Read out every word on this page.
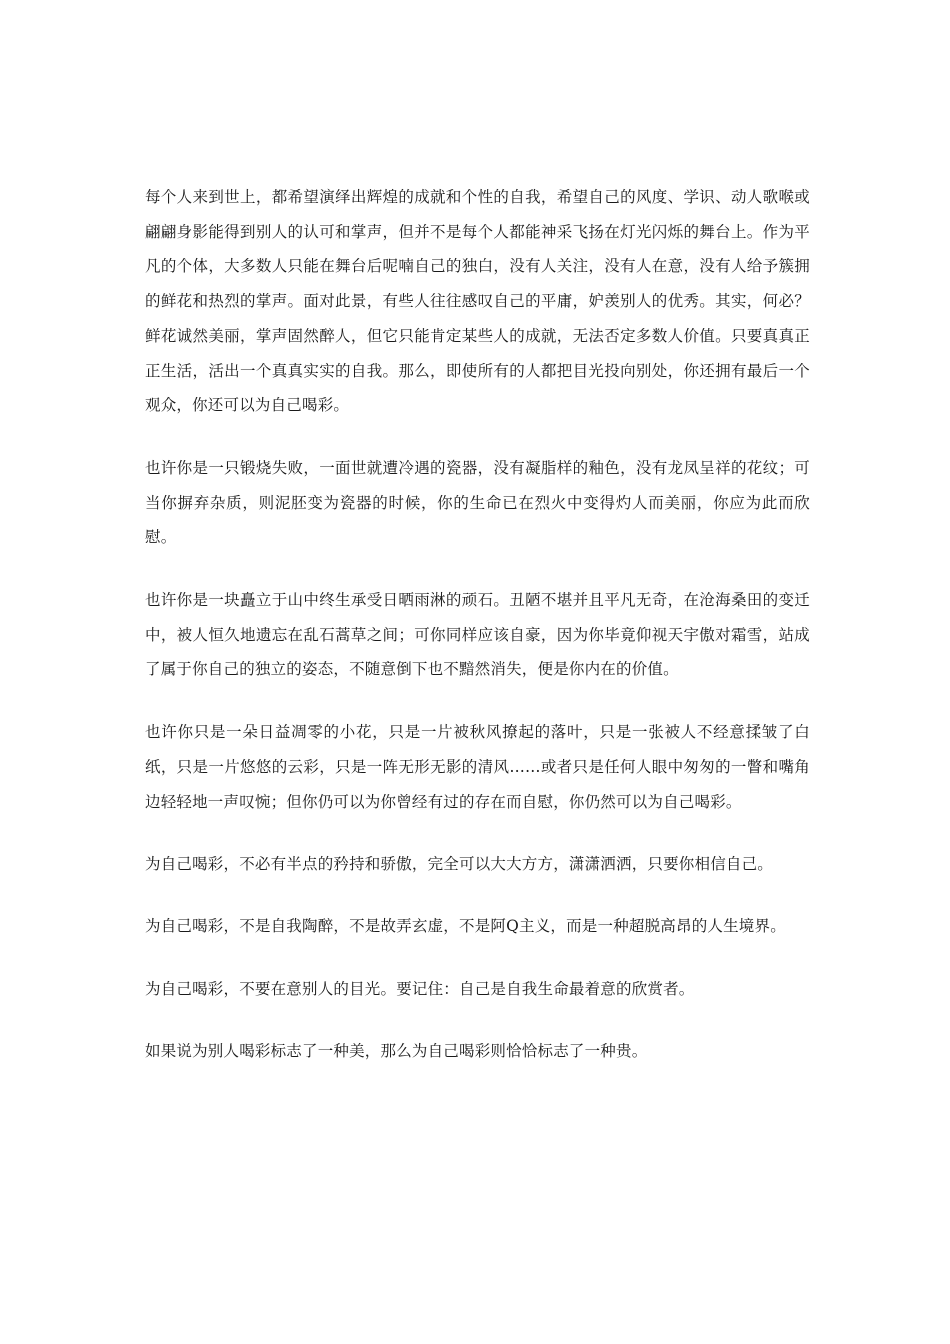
每个人来到世上，都希望演绎出辉煌的成就和个性的自我，希望自己的风度、学识、动人歌喉或翩翩身影能得到别人的认可和掌声，但并不是每个人都能神采飞扬在灯光闪烁的舞台上。作为平凡的个体，大多数人只能在舞台后呢喃自己的独白，没有人关注，没有人在意，没有人给予簇拥的鲜花和热烈的掌声。面对此景，有些人往往感叹自己的平庸，妒羡别人的优秀。其实，何必？鲜花诚然美丽，掌声固然醉人，但它只能肯定某些人的成就，无法否定多数人价值。只要真真正正生活，活出一个真真实实的自我。那么，即使所有的人都把目光投向别处，你还拥有最后一个观众，你还可以为自己喝彩。

也许你是一只锻烧失败，一面世就遭冷遇的瓷器，没有凝脂样的釉色，没有龙凤呈祥的花纹；可当你摒弃杂质，则泥胚变为瓷器的时候，你的生命已在烈火中变得灼人而美丽，你应为此而欣慰。

也许你是一块矗立于山中终生承受日晒雨淋的顽石。丑陋不堪并且平凡无奇，在沧海桑田的变迁中，被人恒久地遗忘在乱石蒿草之间；可你同样应该自豪，因为你毕竟仰视天宇傲对霜雪，站成了属于你自己的独立的姿态，不随意倒下也不黯然消失，便是你内在的价值。

也许你只是一朵日益凋零的小花，只是一片被秋风撩起的落叶，只是一张被人不经意揉皱了白纸，只是一片悠悠的云彩，只是一阵无形无影的清风……或者只是任何人眼中匆匆的一瞥和嘴角边轻轻地一声叹惋；但你仍可以为你曾经有过的存在而自慰，你仍然可以为自己喝彩。

为自己喝彩，不必有半点的矜持和骄傲，完全可以大大方方，潇潇洒洒，只要你相信自己。

为自己喝彩，不是自我陶醉，不是故弄玄虚，不是阿Q主义，而是一种超脱高昂的人生境界。

为自己喝彩，不要在意别人的目光。要记住：自己是自我生命最着意的欣赏者。

如果说为别人喝彩标志了一种美，那么为自己喝彩则恰恰标志了一种贵。
